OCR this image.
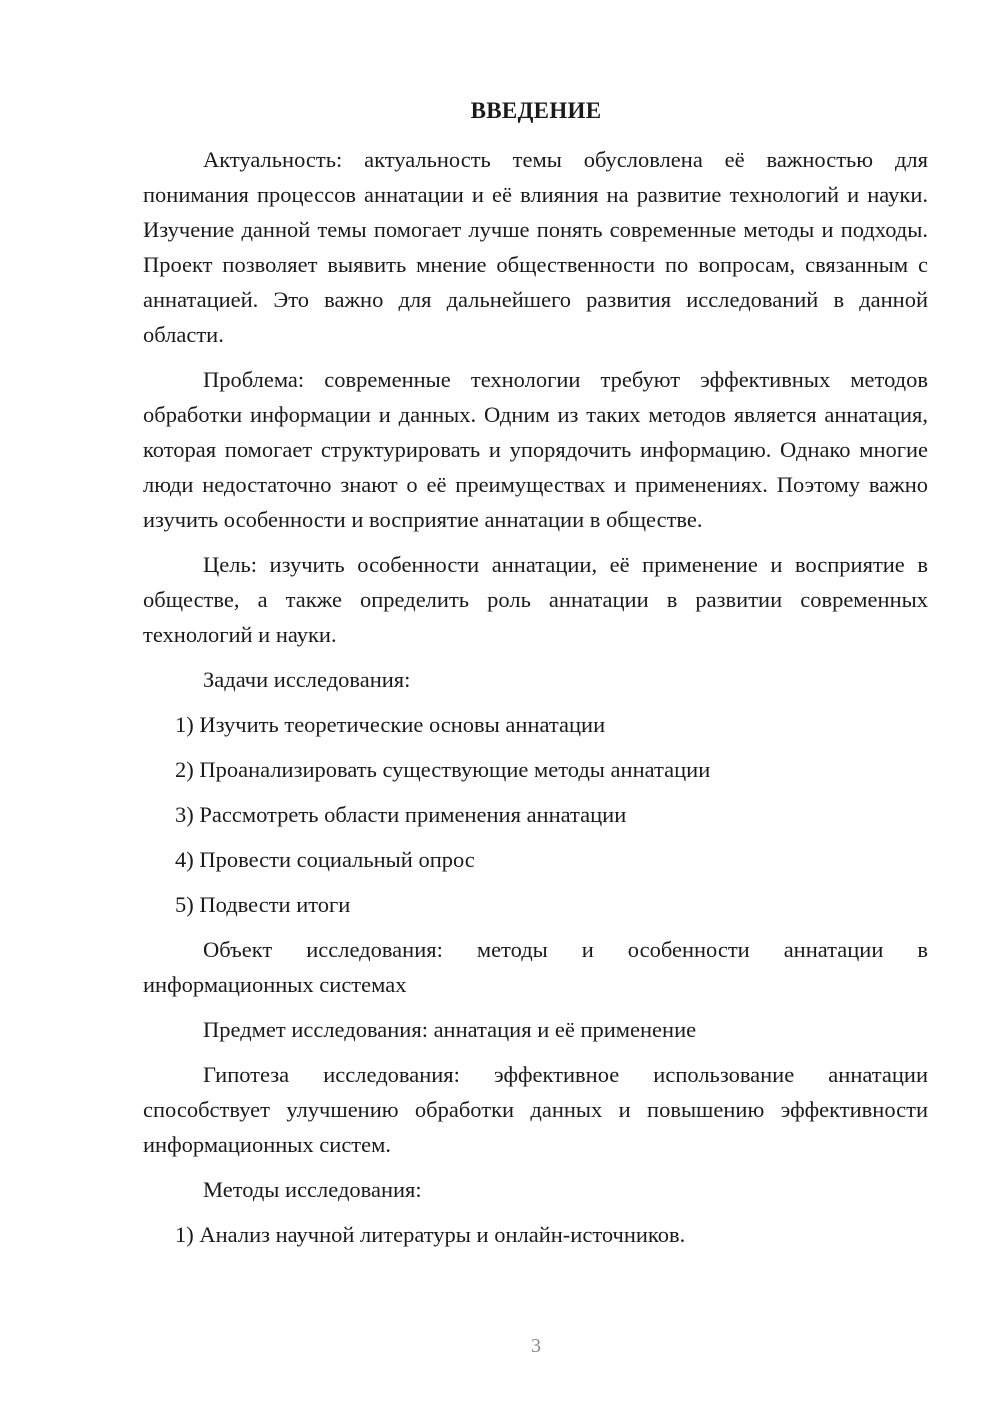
ВВЕДЕНИЕ

Актуальность: актуальность темы обусловлена её важностью для понимания процессов аннатации и её влияния на развитие технологий и науки. Изучение данной темы помогает лучше понять современные методы и подходы. Проект позволяет выявить мнение общественности по вопросам, связанным с аннатацией. Это важно для дальнейшего развития исследований в данной области.

Проблема: современные технологии требуют эффективных методов обработки информации и данных. Одним из таких методов является аннатация, которая помогает структурировать и упорядочить информацию. Однако многие люди недостаточно знают о её преимуществах и применениях. Поэтому важно изучить особенности и восприятие аннатации в обществе.

Цель: изучить особенности аннатации, её применение и восприятие в обществе, а также определить роль аннатации в развитии современных технологий и науки.

Задачи исследования:

1) Изучить теоретические основы аннатации
2) Проанализировать существующие методы аннатации
3) Рассмотреть области применения аннатации
4) Провести социальный опрос
5) Подвести итоги

Объект исследования: методы и особенности аннатации в информационных системах

Предмет исследования: аннатация и её применение

Гипотеза исследования: эффективное использование аннатации способствует улучшению обработки данных и повышению эффективности информационных систем.

Методы исследования:

1) Анализ научной литературы и онлайн-источников.
3
